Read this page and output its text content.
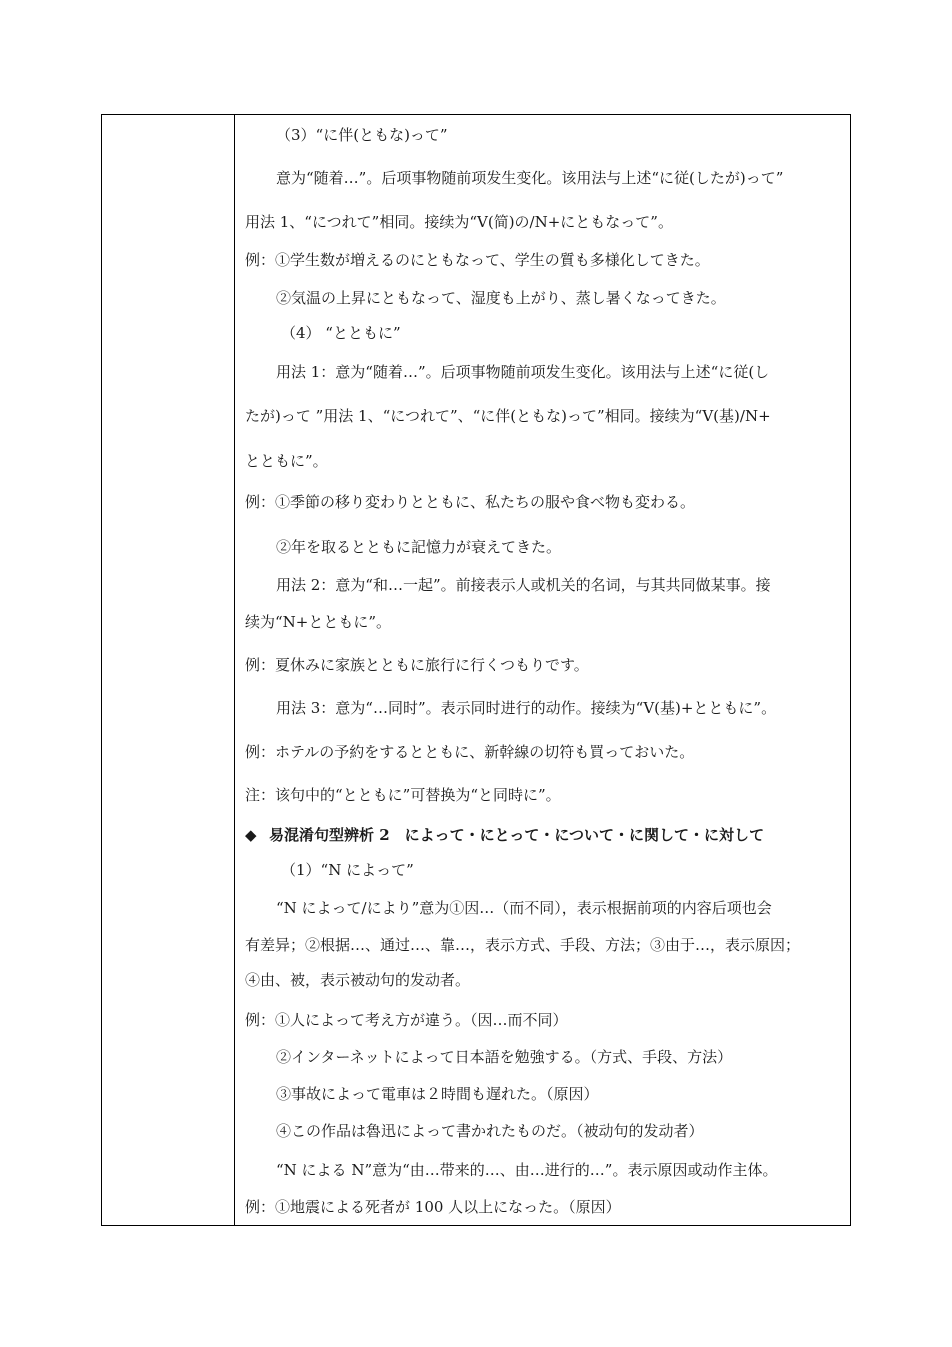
（3）“に伴(ともな)って”
意为“随着…”。后项事物随前项发生变化。该用法与上述“に従(したが)って”
用法 1、“につれて”相同。接续为“V(简)の/N+にともなって”。
例：①学生数が増えるのにともなって、学生の質も多様化してきた。
②気温の上昇にともなって、湿度も上がり、蒸し暑くなってきた。
（4） “とともに”
用法 1：意为“随着…”。后项事物随前项发生变化。该用法与上述“に従(し
たが)って ”用法 1、“につれて”、“に伴(ともな)って”相同。接续为“V(基)/N+
とともに”。
例：①季節の移り変わりとともに、私たちの服や食べ物も変わる。
②年を取るとともに記憶力が衰えてきた。
用法 2：意为“和…一起”。前接表示人或机关的名词，与其共同做某事。接
续为“N+とともに”。
例：夏休みに家族とともに旅行に行くつもりです。
用法 3：意为“…同时”。表示同时进行的动作。接续为“V(基)+とともに”。
例：ホテルの予約をするとともに、新幹線の切符も買っておいた。
注：该句中的“とともに”可替换为“と同時に”。
◆ 易混淆句型辨析 2　によって・にとって・について・に関して・に対して
（1）“N によって”
“N によって/により”意为①因…（而不同），表示根据前项的内容后项也会
有差异；②根据…、通过…、靠…，表示方式、手段、方法；③由于…，表示原因；
④由、被，表示被动句的发动者。
例：①人によって考え方が違う。（因…而不同）
②インターネットによって日本語を勉強する。（方式、手段、方法）
③事故によって電車は２時間も遅れた。（原因）
④この作品は魯迅によって書かれたものだ。（被动句的发动者）
“N による N”意为“由…带来的…、由…进行的…”。表示原因或动作主体。
例：①地震による死者が 100 人以上になった。（原因）
